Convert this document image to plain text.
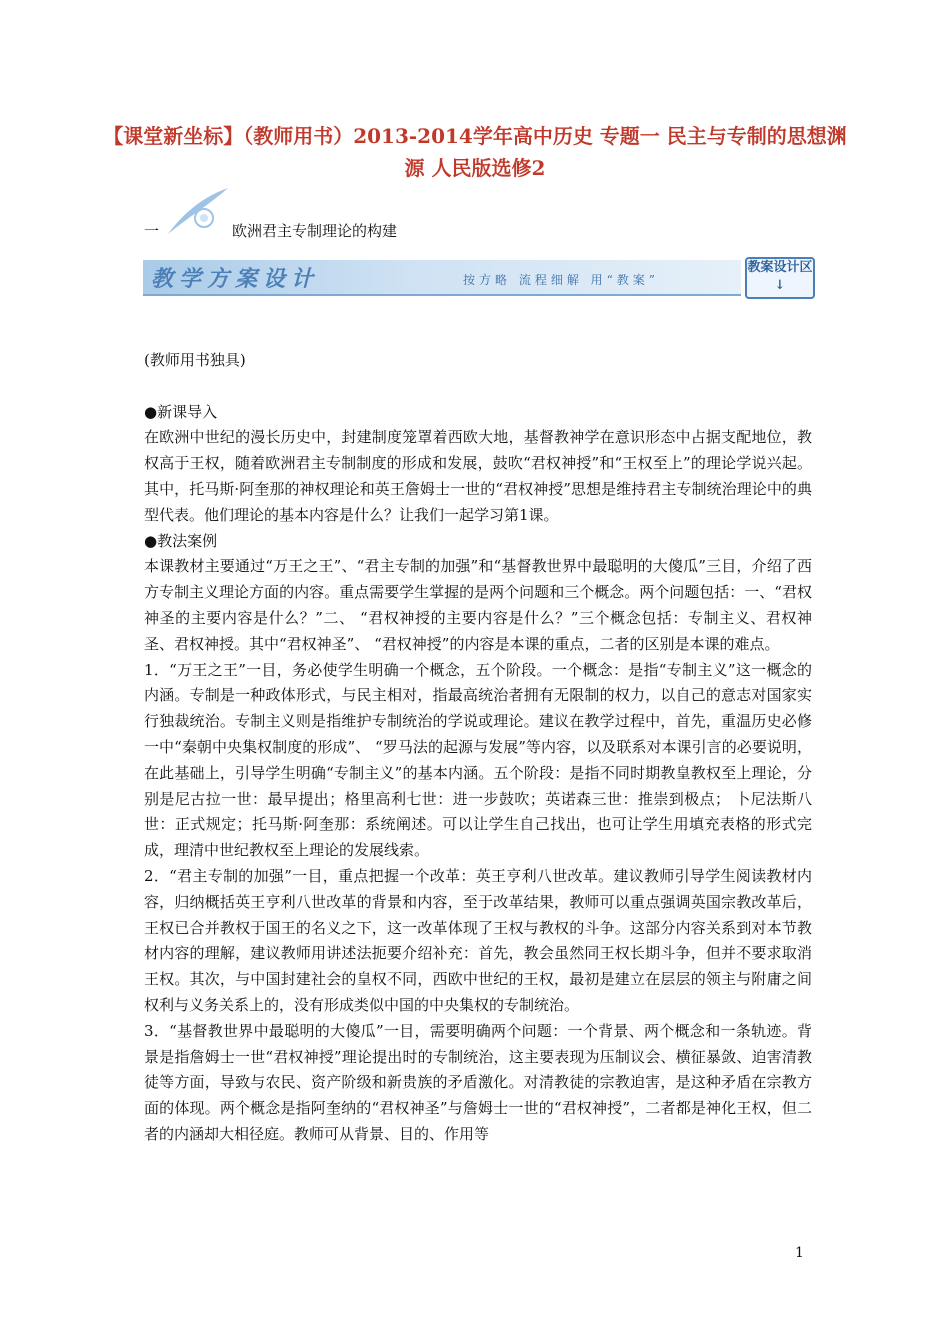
【课堂新坐标】（教师用书）2013-2014学年高中历史 专题一 民主与专制的思想渊源 人民版选修2
一	欧洲君主专制理论的构建
教学方案设计	按方略 流程细解 用“教案”
教案设计区↓

(教师用书独具)

●新课导入

在欧洲中世纪的漫长历史中，封建制度笼罩着西欧大地，基督教神学在意识形态中占据支配地位，教权高于王权，随着欧洲君主专制制度的形成和发展，鼓吹“君权神授”和“王权至上”的理论学说兴起。其中，托马斯·阿奎那的神权理论和英王詹姆士一世的“君权神授”思想是维持君主专制统治理论中的典型代表。他们理论的基本内容是什么？让我们一起学习第1课。

●教法案例

本课教材主要通过“万王之王”、“君主专制的加强”和“基督教世界中最聪明的大傻瓜”三目，介绍了西方专制主义理论方面的内容。重点需要学生掌握的是两个问题和三个概念。两个问题包括：一、“君权神圣的主要内容是什么？”二、 “君权神授的主要内容是什么？”三个概念包括：专制主义、君权神圣、君权神授。其中“君权神圣”、 “君权神授”的内容是本课的重点，二者的区别是本课的难点。

1．“万王之王”一目，务必使学生明确一个概念，五个阶段。一个概念：是指“专制主义”这一概念的内涵。专制是一种政体形式，与民主相对，指最高统治者拥有无限制的权力，以自己的意志对国家实行独裁统治。专制主义则是指维护专制统治的学说或理论。建议在教学过程中，首先，重温历史必修一中“秦朝中央集权制度的形成”、 “罗马法的起源与发展”等内容，以及联系对本课引言的必要说明，在此基础上，引导学生明确“专制主义”的基本内涵。五个阶段：是指不同时期教皇教权至上理论，分别是尼古拉一世：最早提出；格里高利七世：进一步鼓吹；英诺森三世：推崇到极点； 卜尼法斯八世：正式规定；托马斯·阿奎那：系统阐述。可以让学生自己找出，也可让学生用填充表格的形式完成，理清中世纪教权至上理论的发展线索。

2．“君主专制的加强”一目，重点把握一个改革：英王亨利八世改革。建议教师引导学生阅读教材内容，归纳概括英王亨利八世改革的背景和内容，至于改革结果，教师可以重点强调英国宗教改革后，王权已合并教权于国王的名义之下，这一改革体现了王权与教权的斗争。这部分内容关系到对本节教材内容的理解，建议教师用讲述法扼要介绍补充：首先，教会虽然同王权长期斗争，但并不要求取消王权。其次，与中国封建社会的皇权不同，西欧中世纪的王权，最初是建立在层层的领主与附庸之间权利与义务关系上的，没有形成类似中国的中央集权的专制统治。

3．“基督教世界中最聪明的大傻瓜”一目，需要明确两个问题：一个背景、两个概念和一条轨迹。背景是指詹姆士一世“君权神授”理论提出时的专制统治，这主要表现为压制议会、横征暴敛、迫害清教徒等方面，导致与农民、资产阶级和新贵族的矛盾激化。对清教徒的宗教迫害，是这种矛盾在宗教方面的体现。两个概念是指阿奎纳的“君权神圣”与詹姆士一世的“君权神授”，二者都是神化王权，但二者的内涵却大相径庭。教师可从背景、目的、作用等

1
